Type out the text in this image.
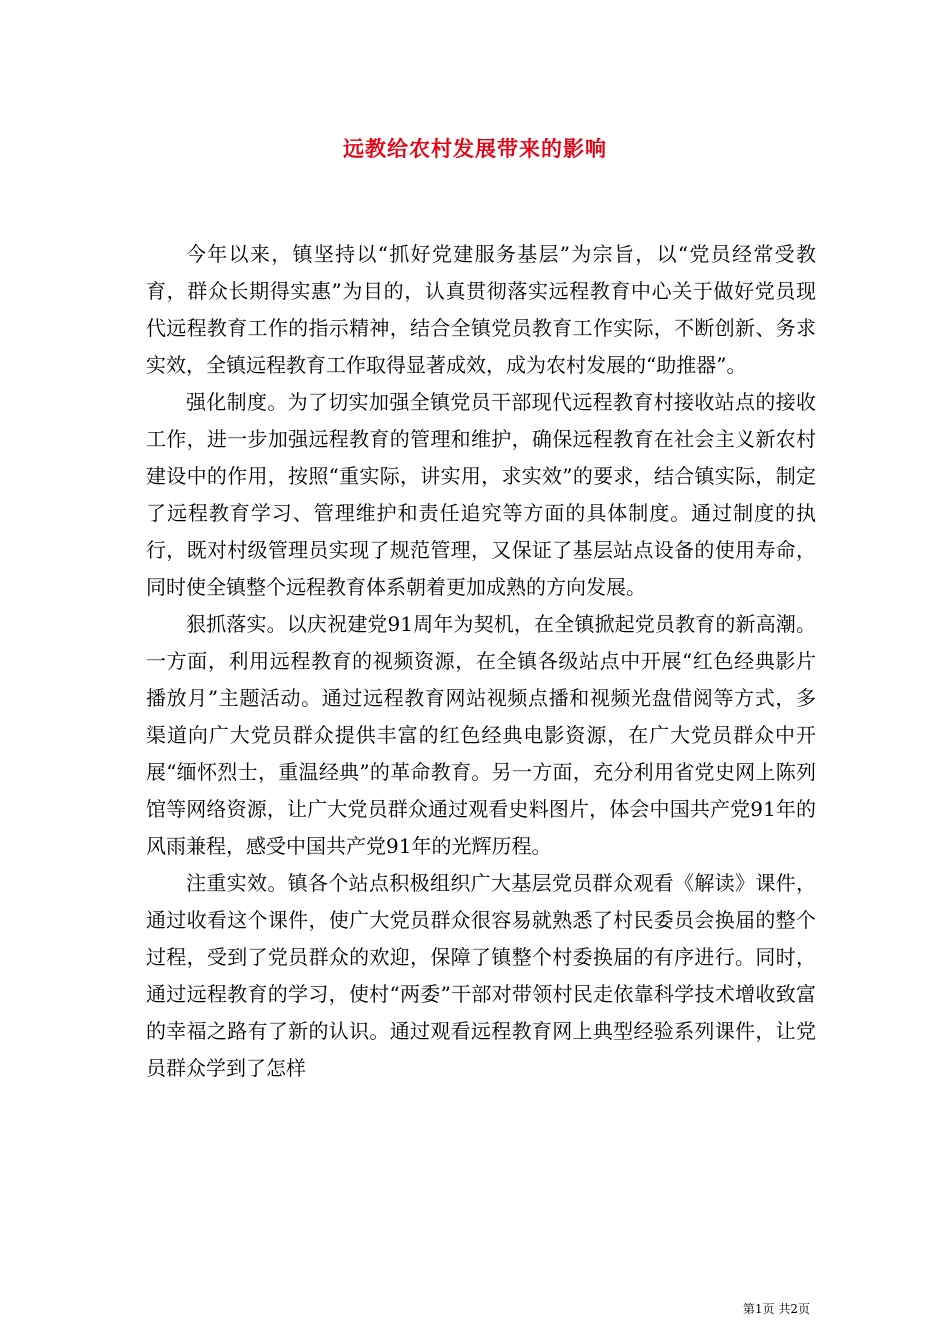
远教给农村发展带来的影响

今年以来，镇坚持以“抓好党建服务基层”为宗旨，以“党员经常受教育，群众长期得实惠”为目的，认真贯彻落实远程教育中心关于做好党员现代远程教育工作的指示精神，结合全镇党员教育工作实际，不断创新、务求实效，全镇远程教育工作取得显著成效，成为农村发展的“助推器”。

强化制度。为了切实加强全镇党员干部现代远程教育村接收站点的接收工作，进一步加强远程教育的管理和维护，确保远程教育在社会主义新农村建设中的作用，按照“重实际，讲实用，求实效”的要求，结合镇实际，制定了远程教育学习、管理维护和责任追究等方面的具体制度。通过制度的执行，既对村级管理员实现了规范管理，又保证了基层站点设备的使用寿命，同时使全镇整个远程教育体系朝着更加成熟的方向发展。

狠抓落实。以庆祝建党91周年为契机，在全镇掀起党员教育的新高潮。一方面，利用远程教育的视频资源，在全镇各级站点中开展“红色经典影片播放月”主题活动。通过远程教育网站视频点播和视频光盘借阅等方式，多渠道向广大党员群众提供丰富的红色经典电影资源，在广大党员群众中开展“缅怀烈士，重温经典”的革命教育。另一方面，充分利用省党史网上陈列馆等网络资源，让广大党员群众通过观看史料图片，体会中国共产党91年的风雨兼程，感受中国共产党91年的光辉历程。

注重实效。镇各个站点积极组织广大基层党员群众观看《解读》课件，通过收看这个课件，使广大党员群众很容易就熟悉了村民委员会换届的整个过程，受到了党员群众的欢迎，保障了镇整个村委换届的有序进行。同时，通过远程教育的学习，使村“两委”干部对带领村民走依靠科学技术增收致富的幸福之路有了新的认识。通过观看远程教育网上典型经验系列课件，让党员群众学到了怎样

第1页 共2页
